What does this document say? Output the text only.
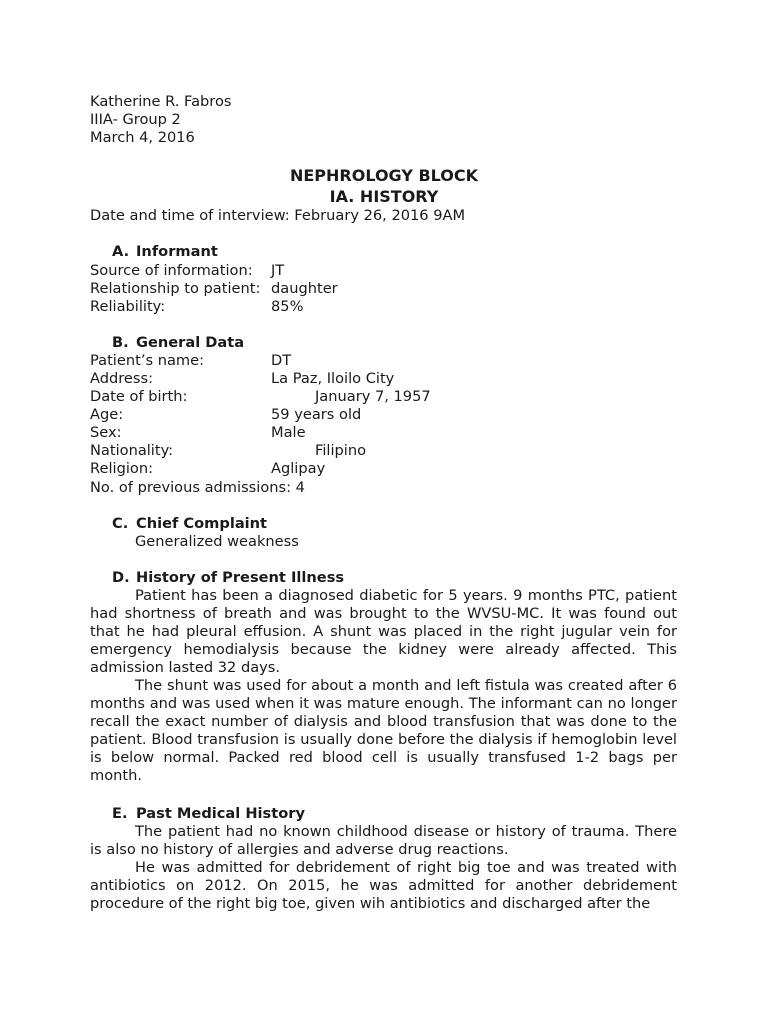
Katherine R. Fabros
IIIA- Group 2
March 4, 2016
NEPHROLOGY BLOCK
IA. HISTORY
Date and time of interview: February 26, 2016 9AM
A. Informant
Source of information: JT
Relationship to patient: daughter
Reliability:	85%
B. General Data
Patient’s name:	DT
Address:	La Paz, Iloilo City
Date of birth:	January 7, 1957
Age:	59 years old
Sex:	Male
Nationality:	Filipino
Religion:	Aglipay
No. of previous admissions: 4
C. Chief Complaint
Generalized weakness
D. History of Present Illness

Patient has been a diagnosed diabetic for 5 years. 9 months PTC, patient had shortness of breath and was brought to the WVSU-MC. It was found out that he had pleural effusion. A shunt was placed in the right jugular vein for emergency hemodialysis because the kidney were already affected. This admission lasted 32 days.

The shunt was used for about a month and left fistula was created after 6 months and was used when it was mature enough. The informant can no longer recall the exact number of dialysis and blood transfusion that was done to the patient. Blood transfusion is usually done before the dialysis if hemoglobin level is below normal. Packed red blood cell is usually transfused 1-2 bags per month.

E. Past Medical History

The patient had no known childhood disease or history of trauma. There is also no history of allergies and adverse drug reactions.

He was admitted for debridement of right big toe and was treated with antibiotics on 2012. On 2015, he was admitted for another debridement procedure of the right big toe, given wih antibiotics and discharged after the
